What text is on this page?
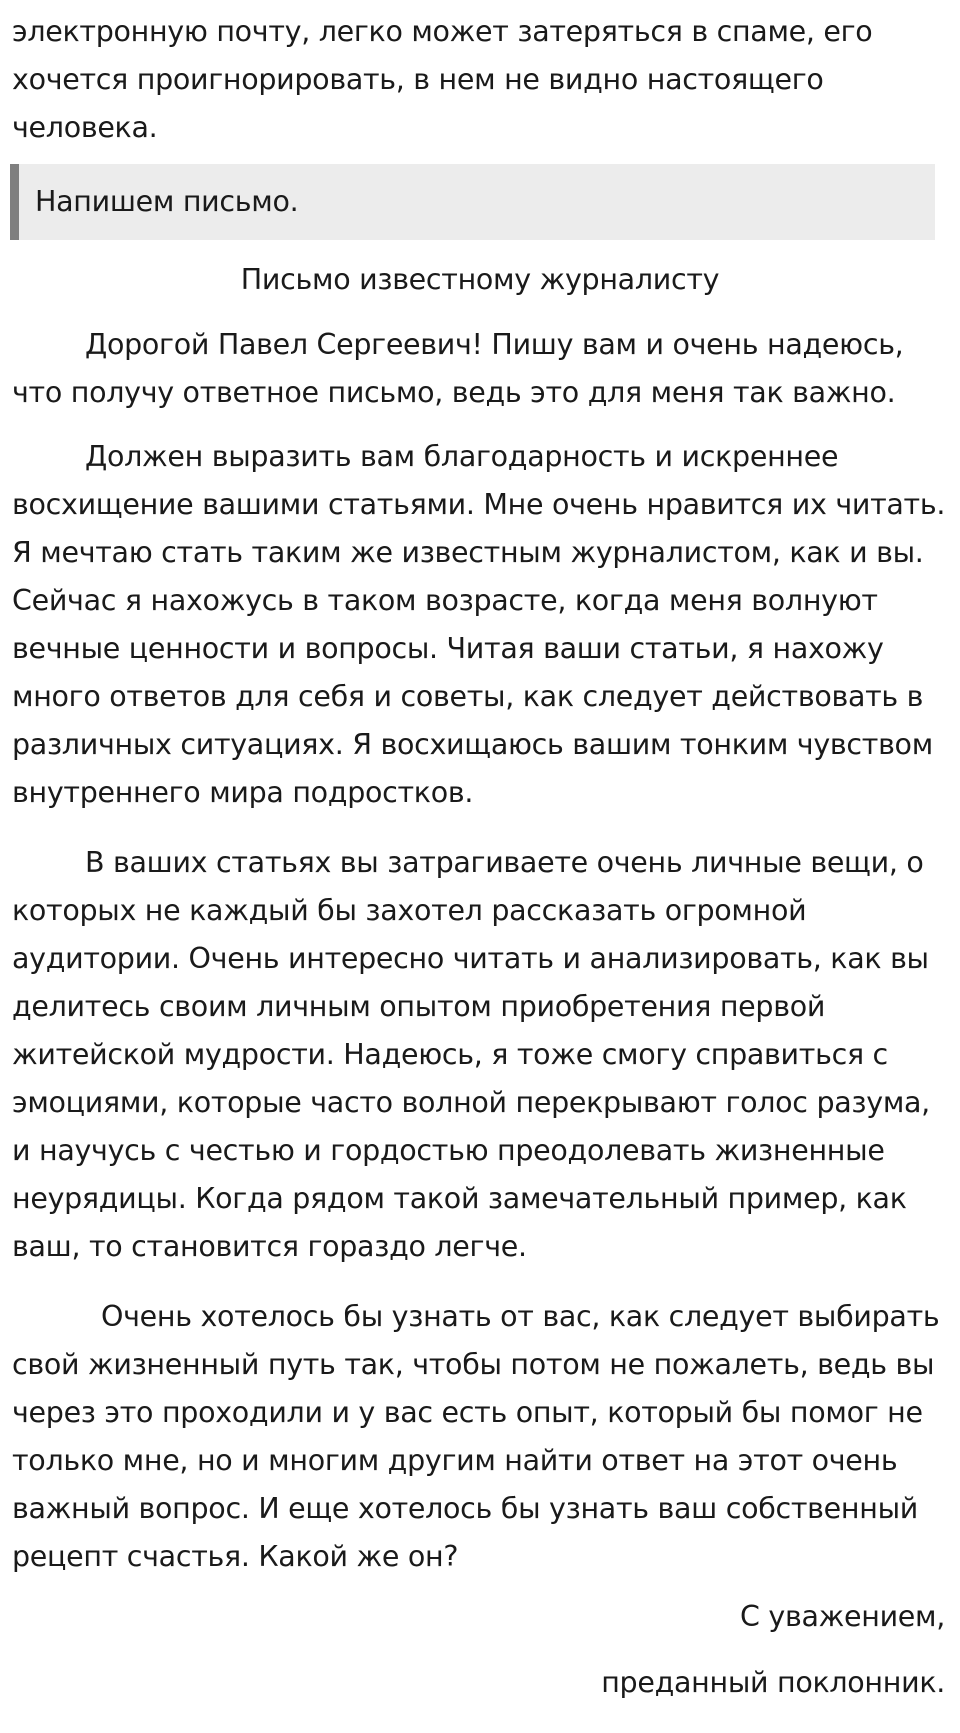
электронную почту, легко может затеряться в спаме, его хочется проигнорировать, в нем не видно настоящего человека.

Напишем письмо.
Письмо известному журналисту

Дорогой Павел Сергеевич! Пишу вам и очень надеюсь, что получу ответное письмо, ведь это для меня так важно.

Должен выразить вам благодарность и искреннее восхищение вашими статьями. Мне очень нравится их читать. Я мечтаю стать таким же известным журналистом, как и вы. Сейчас я нахожусь в таком возрасте, когда меня волнуют вечные ценности и вопросы. Читая ваши статьи, я нахожу много ответов для себя и советы, как следует действовать в различных ситуациях. Я восхищаюсь вашим тонким чувством внутреннего мира подростков.

В ваших статьях вы затрагиваете очень личные вещи, о которых не каждый бы захотел рассказать огромной аудитории. Очень интересно читать и анализировать, как вы делитесь своим личным опытом приобретения первой житейской мудрости. Надеюсь, я тоже смогу справиться с эмоциями, которые часто волной перекрывают голос разума, и научусь с честью и гордостью преодолевать жизненные неурядицы. Когда рядом такой замечательный пример, как ваш, то становится гораздо легче.

Очень хотелось бы узнать от вас, как следует выбирать свой жизненный путь так, чтобы потом не пожалеть, ведь вы через это проходили и у вас есть опыт, который бы помог не только мне, но и многим другим найти ответ на этот очень важный вопрос. И еще хотелось бы узнать ваш собственный рецепт счастья. Какой же он?

С уважением,
преданный поклонник.
